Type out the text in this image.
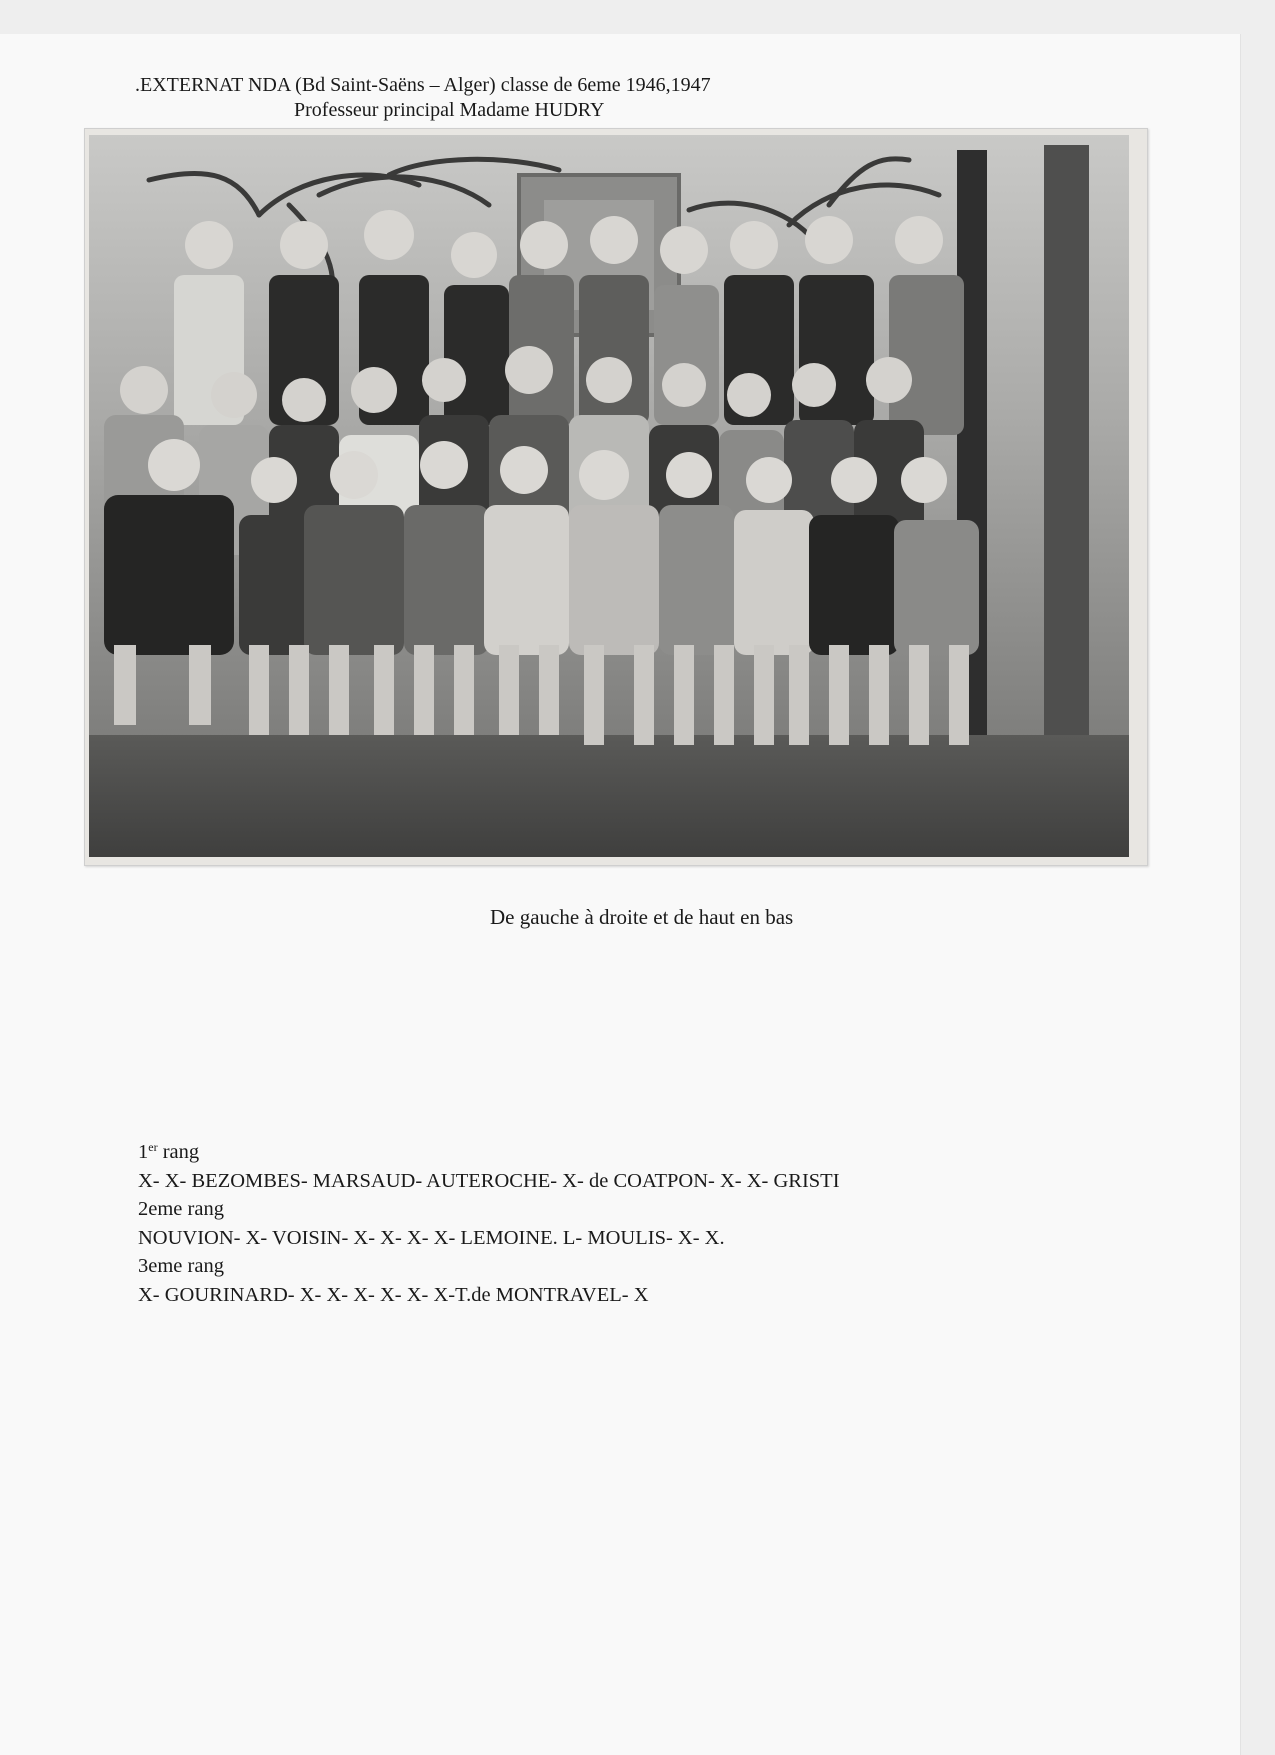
.EXTERNAT NDA (Bd Saint-Saëns – Alger) classe de 6eme 1946,1947
Professeur principal Madame HUDRY
De gauche à droite et de haut en bas
1er rang
X- X- BEZOMBES- MARSAUD- AUTEROCHE- X- de COATPON- X- X- GRISTI
2eme rang
NOUVION- X- VOISIN- X- X- X- X- LEMOINE. L- MOULIS- X- X.
3eme rang
X- GOURINARD- X- X- X- X- X- X-T.de MONTRAVEL- X
